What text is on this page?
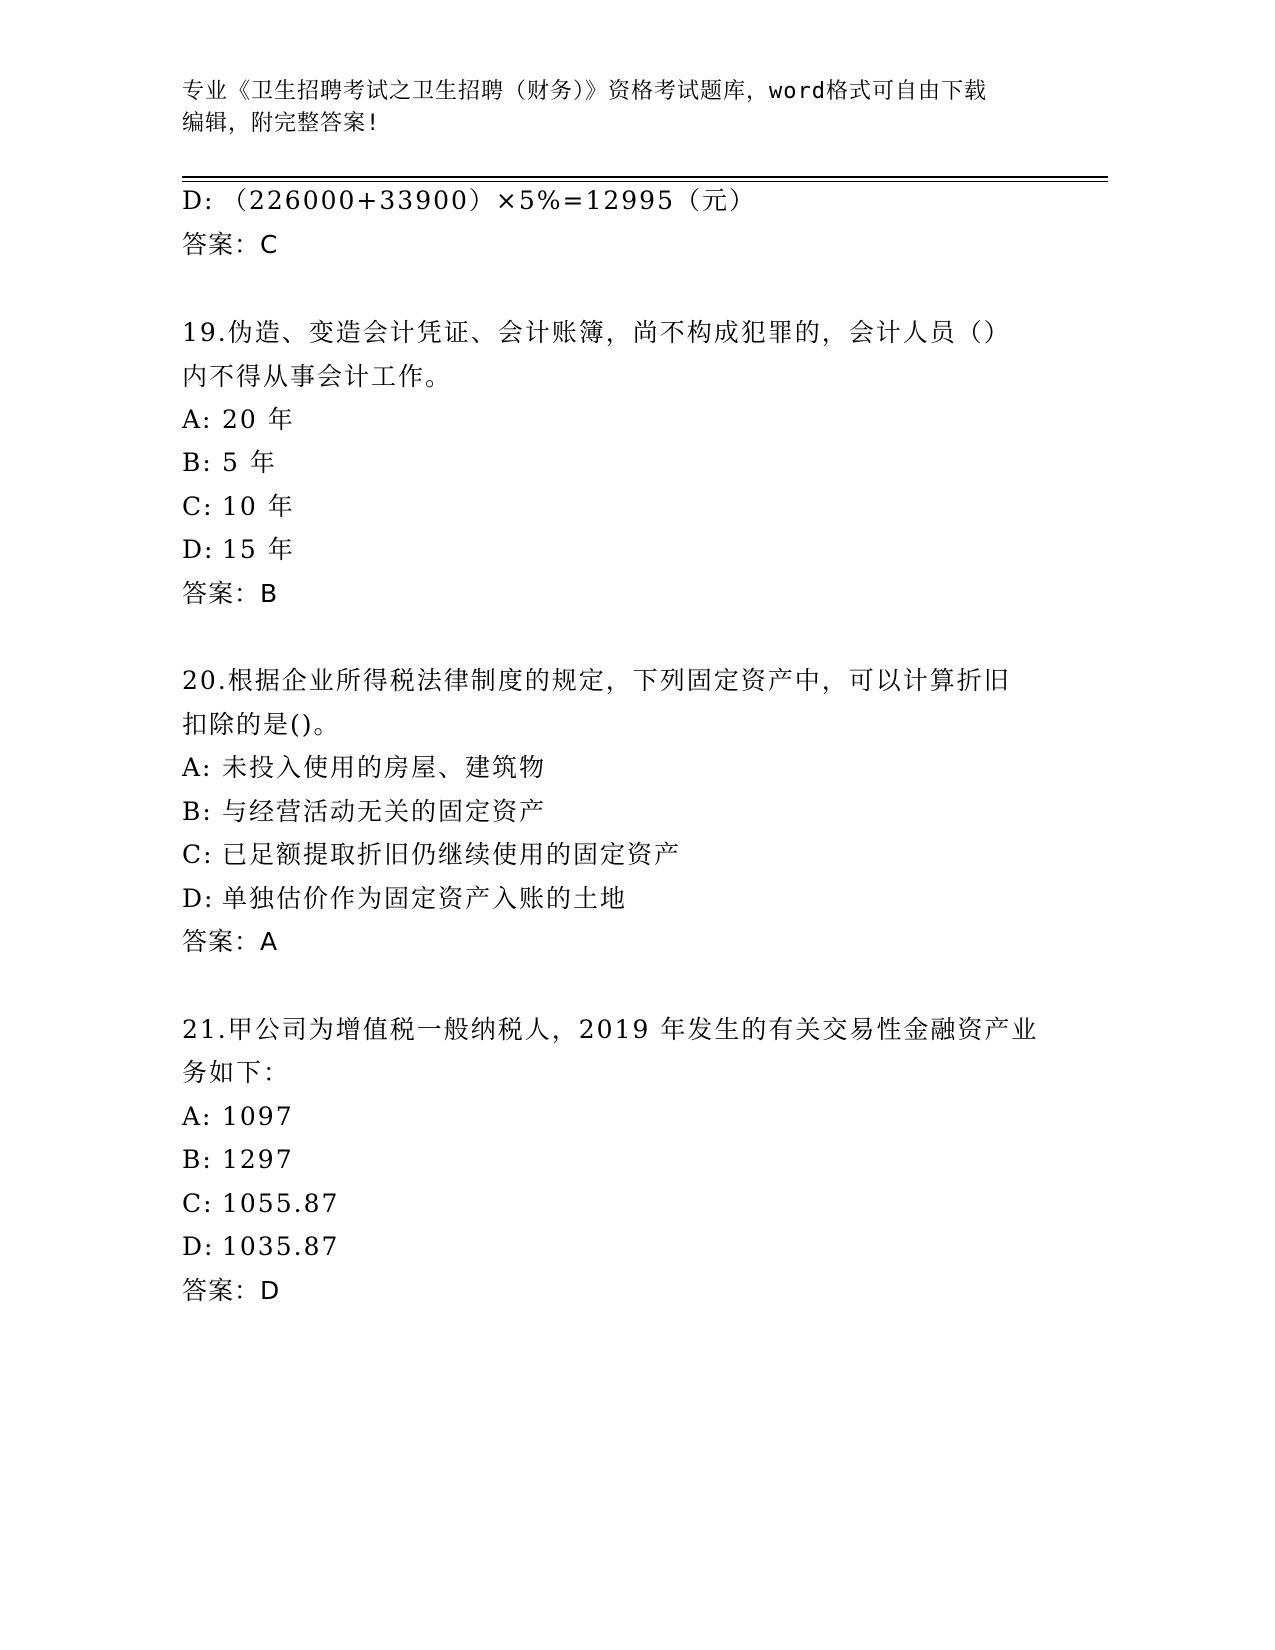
专业《卫生招聘考试之卫生招聘（财务）》资格考试题库，word格式可自由下载
编辑，附完整答案!
D: （226000+33900）×5%=12995（元）
答案：C
19.伪造、变造会计凭证、会计账簿，尚不构成犯罪的，会计人员（）
内不得从事会计工作。
A: 20 年
B: 5 年
C: 10 年
D: 15 年
答案：B
20.根据企业所得税法律制度的规定，下列固定资产中，可以计算折旧
扣除的是()。
A: 未投入使用的房屋、建筑物
B: 与经营活动无关的固定资产
C: 已足额提取折旧仍继续使用的固定资产
D: 单独估价作为固定资产入账的土地
答案：A
21.甲公司为增值税一般纳税人，2019 年发生的有关交易性金融资产业
务如下：
A: 1097
B: 1297
C: 1055.87
D: 1035.87
答案：D
